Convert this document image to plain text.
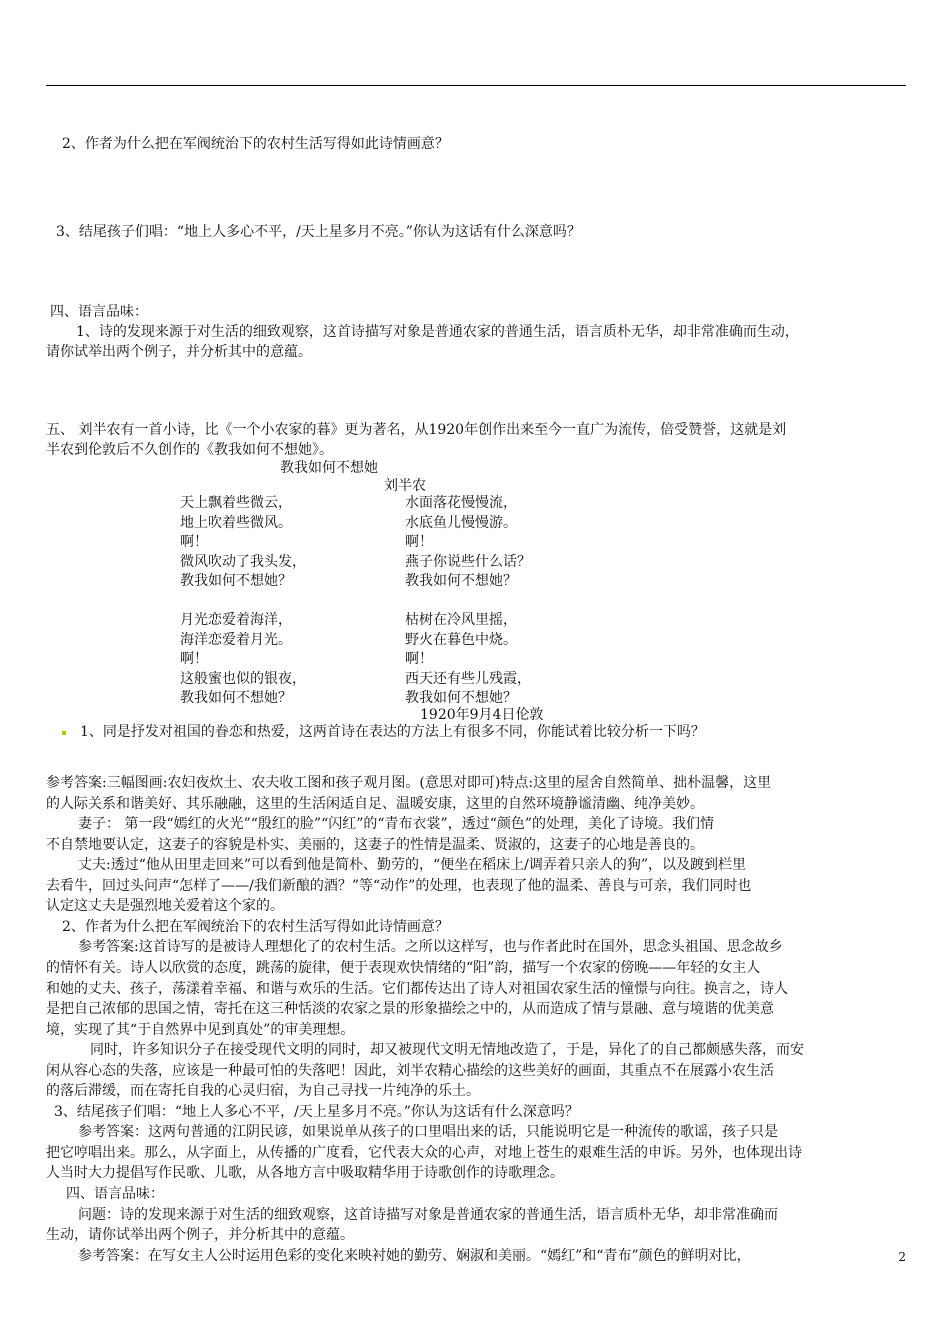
2、作者为什么把在军阀统治下的农村生活写得如此诗情画意？
3、结尾孩子们唱：“地上人多心不平，/天上星多月不亮。”你认为这话有什么深意吗？
四、语言品味：
1、诗的发现来源于对生活的细致观察，这首诗描写对象是普通农家的普通生活，语言质朴无华，却非常准确而生动，
请你试举出两个例子，并分析其中的意蕴。
五、 刘半农有一首小诗，比《一个小农家的暮》更为著名，从1920年创作出来至今一直广为流传，倍受赞誉，这就是刘
半农到伦敦后不久创作的《教我如何不想她》。
教我如何不想她
刘半农
天上飘着些微云，
地上吹着些微风。
啊！
微风吹动了我头发，
教我如何不想她？
月光恋爱着海洋，
海洋恋爱着月光。
啊！
这般蜜也似的银夜，
教我如何不想她？
水面落花慢慢流，
水底鱼儿慢慢游。
啊！
燕子你说些什么话？
教我如何不想她？
枯树在冷风里摇，
野火在暮色中烧。
啊！
西天还有些儿残霞，
教我如何不想她？
1920年9月4日伦敦
1、同是抒发对祖国的眷恋和热爱，这两首诗在表达的方法上有很多不同，你能试着比较分析一下吗？
参考答案:三幅图画:农妇夜炊土、农夫收工图和孩子观月图。(意思对即可)特点:这里的屋舍自然简单、拙朴温馨，这里
的人际关系和谐美好、其乐融融，这里的生活闲适自足、温暖安康，这里的自然环境静谧清幽、纯净美妙。
妻子： 第一段“嫣红的火光”“殷红的脸”“闪红”的“青布衣裳”，透过“颜色”的处理，美化了诗境。我们情
不自禁地要认定，这妻子的容貌是朴实、美丽的，这妻子的性情是温柔、贤淑的，这妻子的心地是善良的。
丈夫:透过“他从田里走回来”可以看到他是简朴、勤劳的，“便坐在稻床上/调弄着只亲人的狗”，以及踱到栏里
去看牛，回过头问声“怎样了——/我们新酿的酒？”等“动作”的处理，也表现了他的温柔、善良与可亲，我们同时也
认定这丈夫是强烈地关爱着这个家的。
2、作者为什么把在军阀统治下的农村生活写得如此诗情画意？
参考答案:这首诗写的是被诗人理想化了的农村生活。之所以这样写，也与作者此时在国外，思念头祖国、思念故乡
的情怀有关。诗人以欣赏的态度，跳荡的旋律，便于表现欢快情绪的“阳”韵，描写一个农家的傍晚——年轻的女主人
和她的丈夫、孩子，荡漾着幸福、和谐与欢乐的生活。它们都传达出了诗人对祖国农家生活的憧憬与向往。换言之，诗人
是把自己浓郁的思国之情，寄托在这三种恬淡的农家之景的形象描绘之中的，从而造成了情与景融、意与境谐的优美意
境，实现了其“于自然界中见到真处”的审美理想。
同时，许多知识分子在接受现代文明的同时，却又被现代文明无情地改造了，于是，异化了的自己都颇感失落，而安
闲从容心态的失落，应该是一种最可怕的失落吧！因此，刘半农精心描绘的这些美好的画面，其重点不在展露小农生活
的落后滞缓，而在寄托自我的心灵归宿，为自己寻找一片纯净的乐土。
3、结尾孩子们唱：“地上人多心不平，/天上星多月不亮。”你认为这话有什么深意吗？
参考答案：这两句普通的江阴民谚，如果说单从孩子的口里唱出来的话，只能说明它是一种流传的歌谣，孩子只是
把它哼唱出来。那么，从字面上，从传播的广度看，它代表大众的心声，对地上苍生的艰难生活的申诉。另外，也体现出诗
人当时大力提倡写作民歌、儿歌，从各地方言中吸取精华用于诗歌创作的诗歌理念。
四、语言品味：
问题：诗的发现来源于对生活的细致观察，这首诗描写对象是普通农家的普通生活，语言质朴无华，却非常准确而
生动，请你试举出两个例子，并分析其中的意蕴。
参考答案：在写女主人公时运用色彩的变化来映衬她的勤劳、娴淑和美丽。“嫣红”和“青布”颜色的鲜明对比，	2
